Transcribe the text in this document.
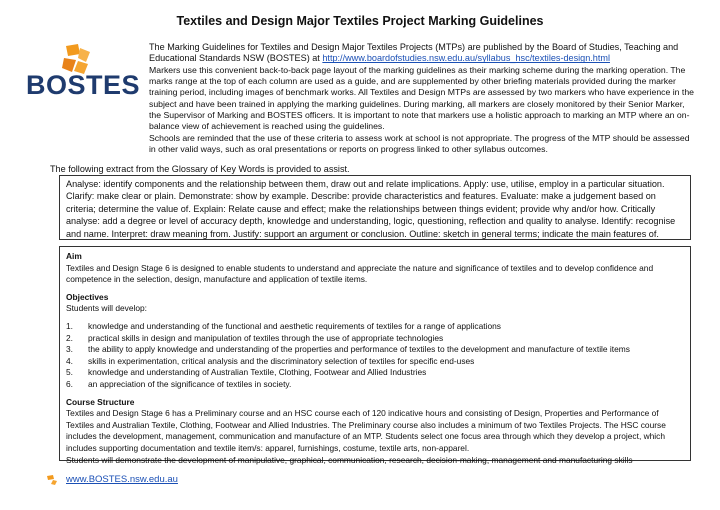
Textiles and Design Major Textiles Project Marking Guidelines
BOSTES

The Marking Guidelines for Textiles and Design Major Textiles Projects (MTPs) are published by the Board of Studies, Teaching and Educational Standards NSW (BOSTES) at http://www.boardofstudies.nsw.edu.au/syllabus_hsc/textiles-design.html

Markers use this convenient back-to-back page layout of the marking guidelines as their marking scheme during the marking operation. The marks range at the top of each column are used as a guide, and are supplemented by other briefing materials provided during the marker training period, including images of benchmark works. All Textiles and Design MTPs are assessed by two markers who have experience in the subject and have been trained in applying the marking guidelines. During marking, all markers are closely monitored by their Senior Marker, the Supervisor of Marking and BOSTES officers. It is important to note that markers use a holistic approach to marking an MTP where an on-balance view of achievement is reached using the guidelines.

Schools are reminded that the use of these criteria to assess work at school is not appropriate. The progress of the MTP should be assessed in other valid ways, such as oral presentations or reports on progress linked to other syllabus outcomes.

The following extract from the Glossary of Key Words is provided to assist.
Analyse: identify components and the relationship between them, draw out and relate implications. Apply: use, utilise, employ in a particular situation. Clarify: make clear or plain. Demonstrate: show by example. Describe: provide characteristics and features. Evaluate: make a judgement based on criteria; determine the value of. Explain: Relate cause and effect; make the relationships between things evident; provide why and/or how. Critically analyse: add a degree or level of accuracy depth, knowledge and understanding, logic, questioning, reflection and quality to analyse. Identify: recognise and name. Interpret: draw meaning from. Justify: support an argument or conclusion. Outline: sketch in general terms; indicate the main features of.

Aim

Textiles and Design Stage 6 is designed to enable students to understand and appreciate the nature and significance of textiles and to develop confidence and competence in the selection, design, manufacture and application of textile items.

Objectives

Students will develop:

1.	knowledge and understanding of the functional and aesthetic requirements of textiles for a range of applications
2.	practical skills in design and manipulation of textiles through the use of appropriate technologies
3.	the ability to apply knowledge and understanding of the properties and performance of textiles to the development and manufacture of textile items
4.	skills in experimentation, critical analysis and the discriminatory selection of textiles for specific end-uses
5.	knowledge and understanding of Australian Textile, Clothing, Footwear and Allied Industries
6.	an appreciation of the significance of textiles in society.

Course Structure

Textiles and Design Stage 6 has a Preliminary course and an HSC course each of 120 indicative hours and consisting of Design, Properties and Performance of Textiles and Australian Textile, Clothing, Footwear and Allied Industries. The Preliminary course also includes a minimum of two Textiles Projects. The HSC course includes the development, management, communication and manufacture of an MTP. Students select one focus area through which they develop a project, which includes supporting documentation and textile item/s: apparel, furnishings, costume, textile arts, non-apparel.

Students will demonstrate the development of manipulative, graphical, communication, research, decision-making, management and manufacturing skills

www.BOSTES.nsw.edu.au
